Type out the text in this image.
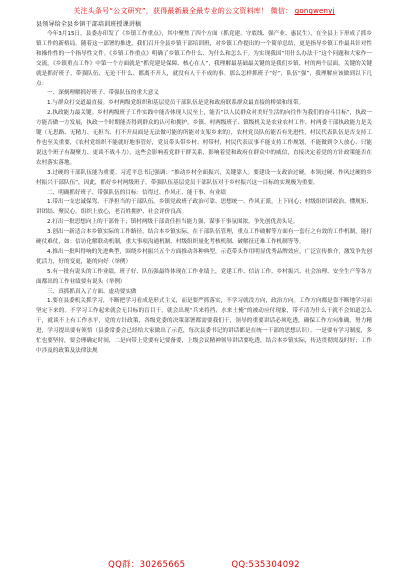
关注头条号“公文研究”，获得最新最全最专业的公文资料库！ 微信： gongwenyj
县领导给全县乡镇干部培训班授课讲稿

今年3月15日，县委办印发了《乡镇工作重点》，其中聚焦了四个方面（抓党建、守底线、强产业、惠民生），在全县上下形成了抓乡镇工作的新格局。随着这一部署的推进，我们召开全县乡镇干部培训班，对乡镇工作提出的一个简单总结，更是指导乡镇工作最具针对性和操作性的一个指导性文件。《乡镇工作重点》明确了乡镇工作什么、为什么和怎么干。为实现我国“用什么办法干”这个问题和大家作一交流。《乡镇重点工作》中第一个方面就是“抓党建是保障、核心在人”，我理解最基础最关键的是我们乡镇、村的两个层面，关键的关键就是抓好班子、带强队伍、无论干什么、都离不开人，就没有人干不成的事。那么怎样抓班子“好”，队伍“强”，我理解应该做到以下几点：

一、深刻理解抓好班子、带强队伍的重大意义

1.与群众打交道最直接。乡村两级党组织和基层党员干部队伍是党和政府联系群众最直接的桥梁和纽带。

2.执政能力最关键。乡村两级班子工作实践中能否体现人民至上，能否“以人民群众对美好生活的向往作为我们的奋斗目标”，执政一方能否做一方发展，执政一个时期能否得到群众的认可和拥护。乡镇、村两级班子、镇级机关是农业农村工作、村两委干部执政能力是关键（无思路、无精力、无担当、打不开局面是无法做可能的所能对支架乡来的），农村党员队伍能否有先进性，村民代表队伍是否支持工作也至关重要，《农村党组织不能就好地事管好，党员带头带乡村、村带村，村民代表议事不能支持工作规划，不能做到令人放心、只能说这个班子有凝聚力、更谈不战斗力）。这些会影响着党群干群关系，影响着党和政府在群众中的威信，直接决定着党的方针政策能否在农村落实落地。

3.过硬的干部队伍能为重要。习近平总书记强调：“推动乡村全面振兴，关键靠人。要建设一支政治过硬，本领过硬、作风过硬的乡村振兴干部队伍”，因此，抓好乡村两级班子，带强队伍基层党员干部队伍对于乡村振兴这一目标的实现极为重要。

二、明确抓好班子、带强队伍的目标：信得过、作风正、能干事、有业绩

1.带出一支忠诚保驾、干净担当的干部队伍。乡镇党政班子政治可靠、思想统一、作风正派，上下同心；村级组织讲政治、懂规矩、讲团结、聚民心，组织上放心，老百姓拥护，社会评价良高。

2.打出一批思想向上的干部骨干；镇村两级干部责任担当能力强，谋事干事氛围浓，争先创优劲头足。

3.创出一新适合本乡镇实际的工作路径，结合本乡镇实际，在干部队伍管理，重点工作破解等方面有一套行之有效的工作机制，能打硬仗难仗，如：信访化解联动机制，重大事项沟通机制、村级组织量化考核机制、破解征迁难工作机制等等。

4.推出一批叫得响的先进典型，围绕乡村振兴五个方面推动各种典型，示范带头作用明显优秀品牌效应，广泛宣传推介，激发争先创优活力，好的变更，能的向好（举例）

5.有一批有说头的工作业绩，班子好、队伍强最终体现在工作业绩上，党建工作、信访工作、乡村振兴、社会治理、安全生产等各方面都出的工作业绩要有说头（举例）

三、真抓抓真入了方面、虚功要实做

1.要在县委机关抓学习，不断把学习看成是形式主义，而是要严抓落实，不学习就没方向，政治方向。工作方向都是靠不断地学习而坚定下来的。不学习工作起来就会无目标的盲目干，就会出现“兵来将挡、水来土掩”的被动应付现象，带不清为什么干就不会知道怎么干，就谈不上有工作水平，党的方针政策，各级党委的决策部署都需要我们干，领导的重要讲话必须吃透，确保工作方向准确，努力精进，学习提出要有领悟（县委常委会已经给大家做出了示范，每次县委书记的讲话都是在统一干部的思想认识）。一是要有学习制度，多忙也要坚持，要会理确定时间，二是向带上党要有记要备要，上级会议精神领导讲话要吃透，结合本乡镇实际，传达贯彻需及时好；工作中涉及的政策及法律法规

QQ群：30265665	QQ:535304092
